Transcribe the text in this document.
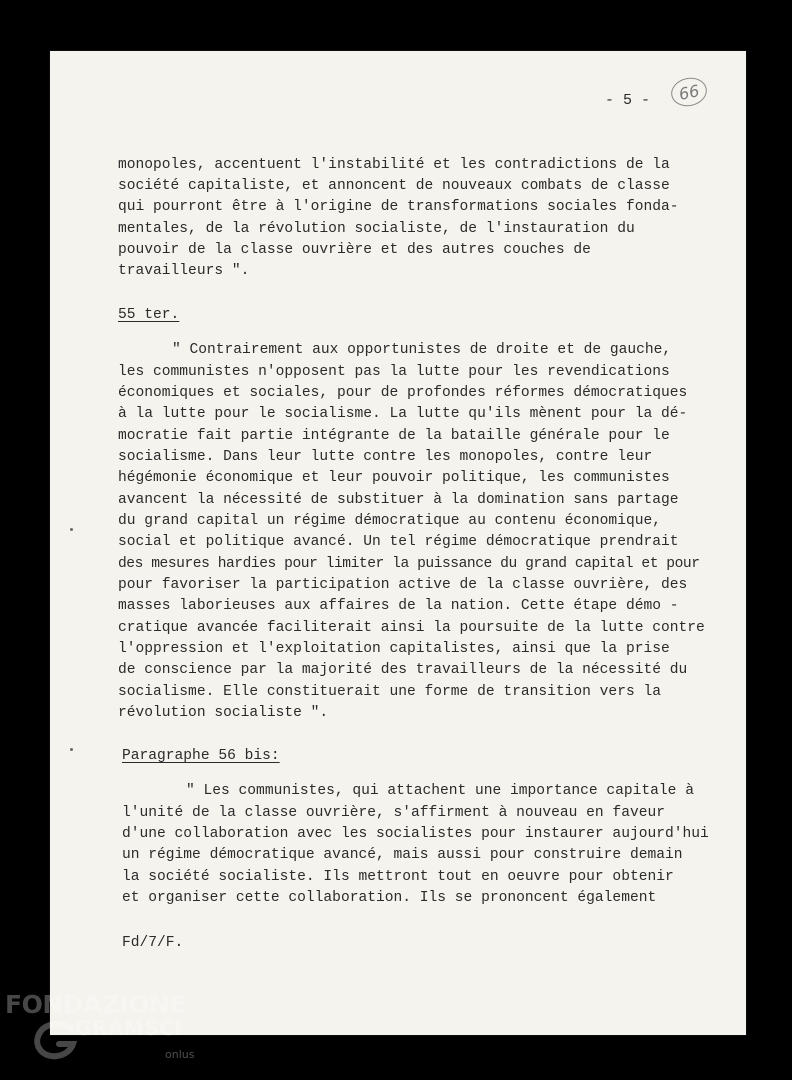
- 5 - 66
monopoles, accentuent l'instabilité et les contradictions de la
société capitaliste, et annoncent de nouveaux combats de classe
qui pourront être à l'origine de transformations sociales fonda-
mentales, de la révolution socialiste, de l'instauration du
pouvoir de la classe ouvrière et des autres couches de
travailleurs ".
55 ter.
" Contrairement aux opportunistes de droite et de gauche,
les communistes n'opposent pas la lutte pour les revendications
économiques et sociales, pour de profondes réformes démocratiques
à la lutte pour le socialisme. La lutte qu'ils mènent pour la dé-
mocratie fait partie intégrante de la bataille générale pour le
socialisme. Dans leur lutte contre les monopoles, contre leur
hégémonie économique et leur pouvoir politique, les communistes
avancent la nécessité de substituer à la domination sans partage
du grand capital un régime démocratique au contenu économique,
social et politique avancé. Un tel régime démocratique prendrait
des mesures hardies pour limiter la puissance du grand capital et pour
pour favoriser la participation active de la classe ouvrière, des
masses laborieuses aux affaires de la nation. Cette étape démo -
cratique avancée faciliterait ainsi la poursuite de la lutte contre
l'oppression et l'exploitation capitalistes, ainsi que la prise
de conscience par la majorité des travailleurs de la nécessité du
socialisme. Elle constituerait une forme de transition vers la
révolution socialiste ".
Paragraphe 56 bis:
" Les communistes, qui attachent une importance capitale à
l'unité de la classe ouvrière, s'affirment à nouveau en faveur
d'une collaboration avec les socialistes pour instaurer aujourd'hui
un régime démocratique avancé, mais aussi pour construire demain
la société socialiste. Ils mettront tout en oeuvre pour obtenir
et organiser cette collaboration. Ils se prononcent également
Fd/7/F.
FONDAZIONE
GRAMSCI
onlus
